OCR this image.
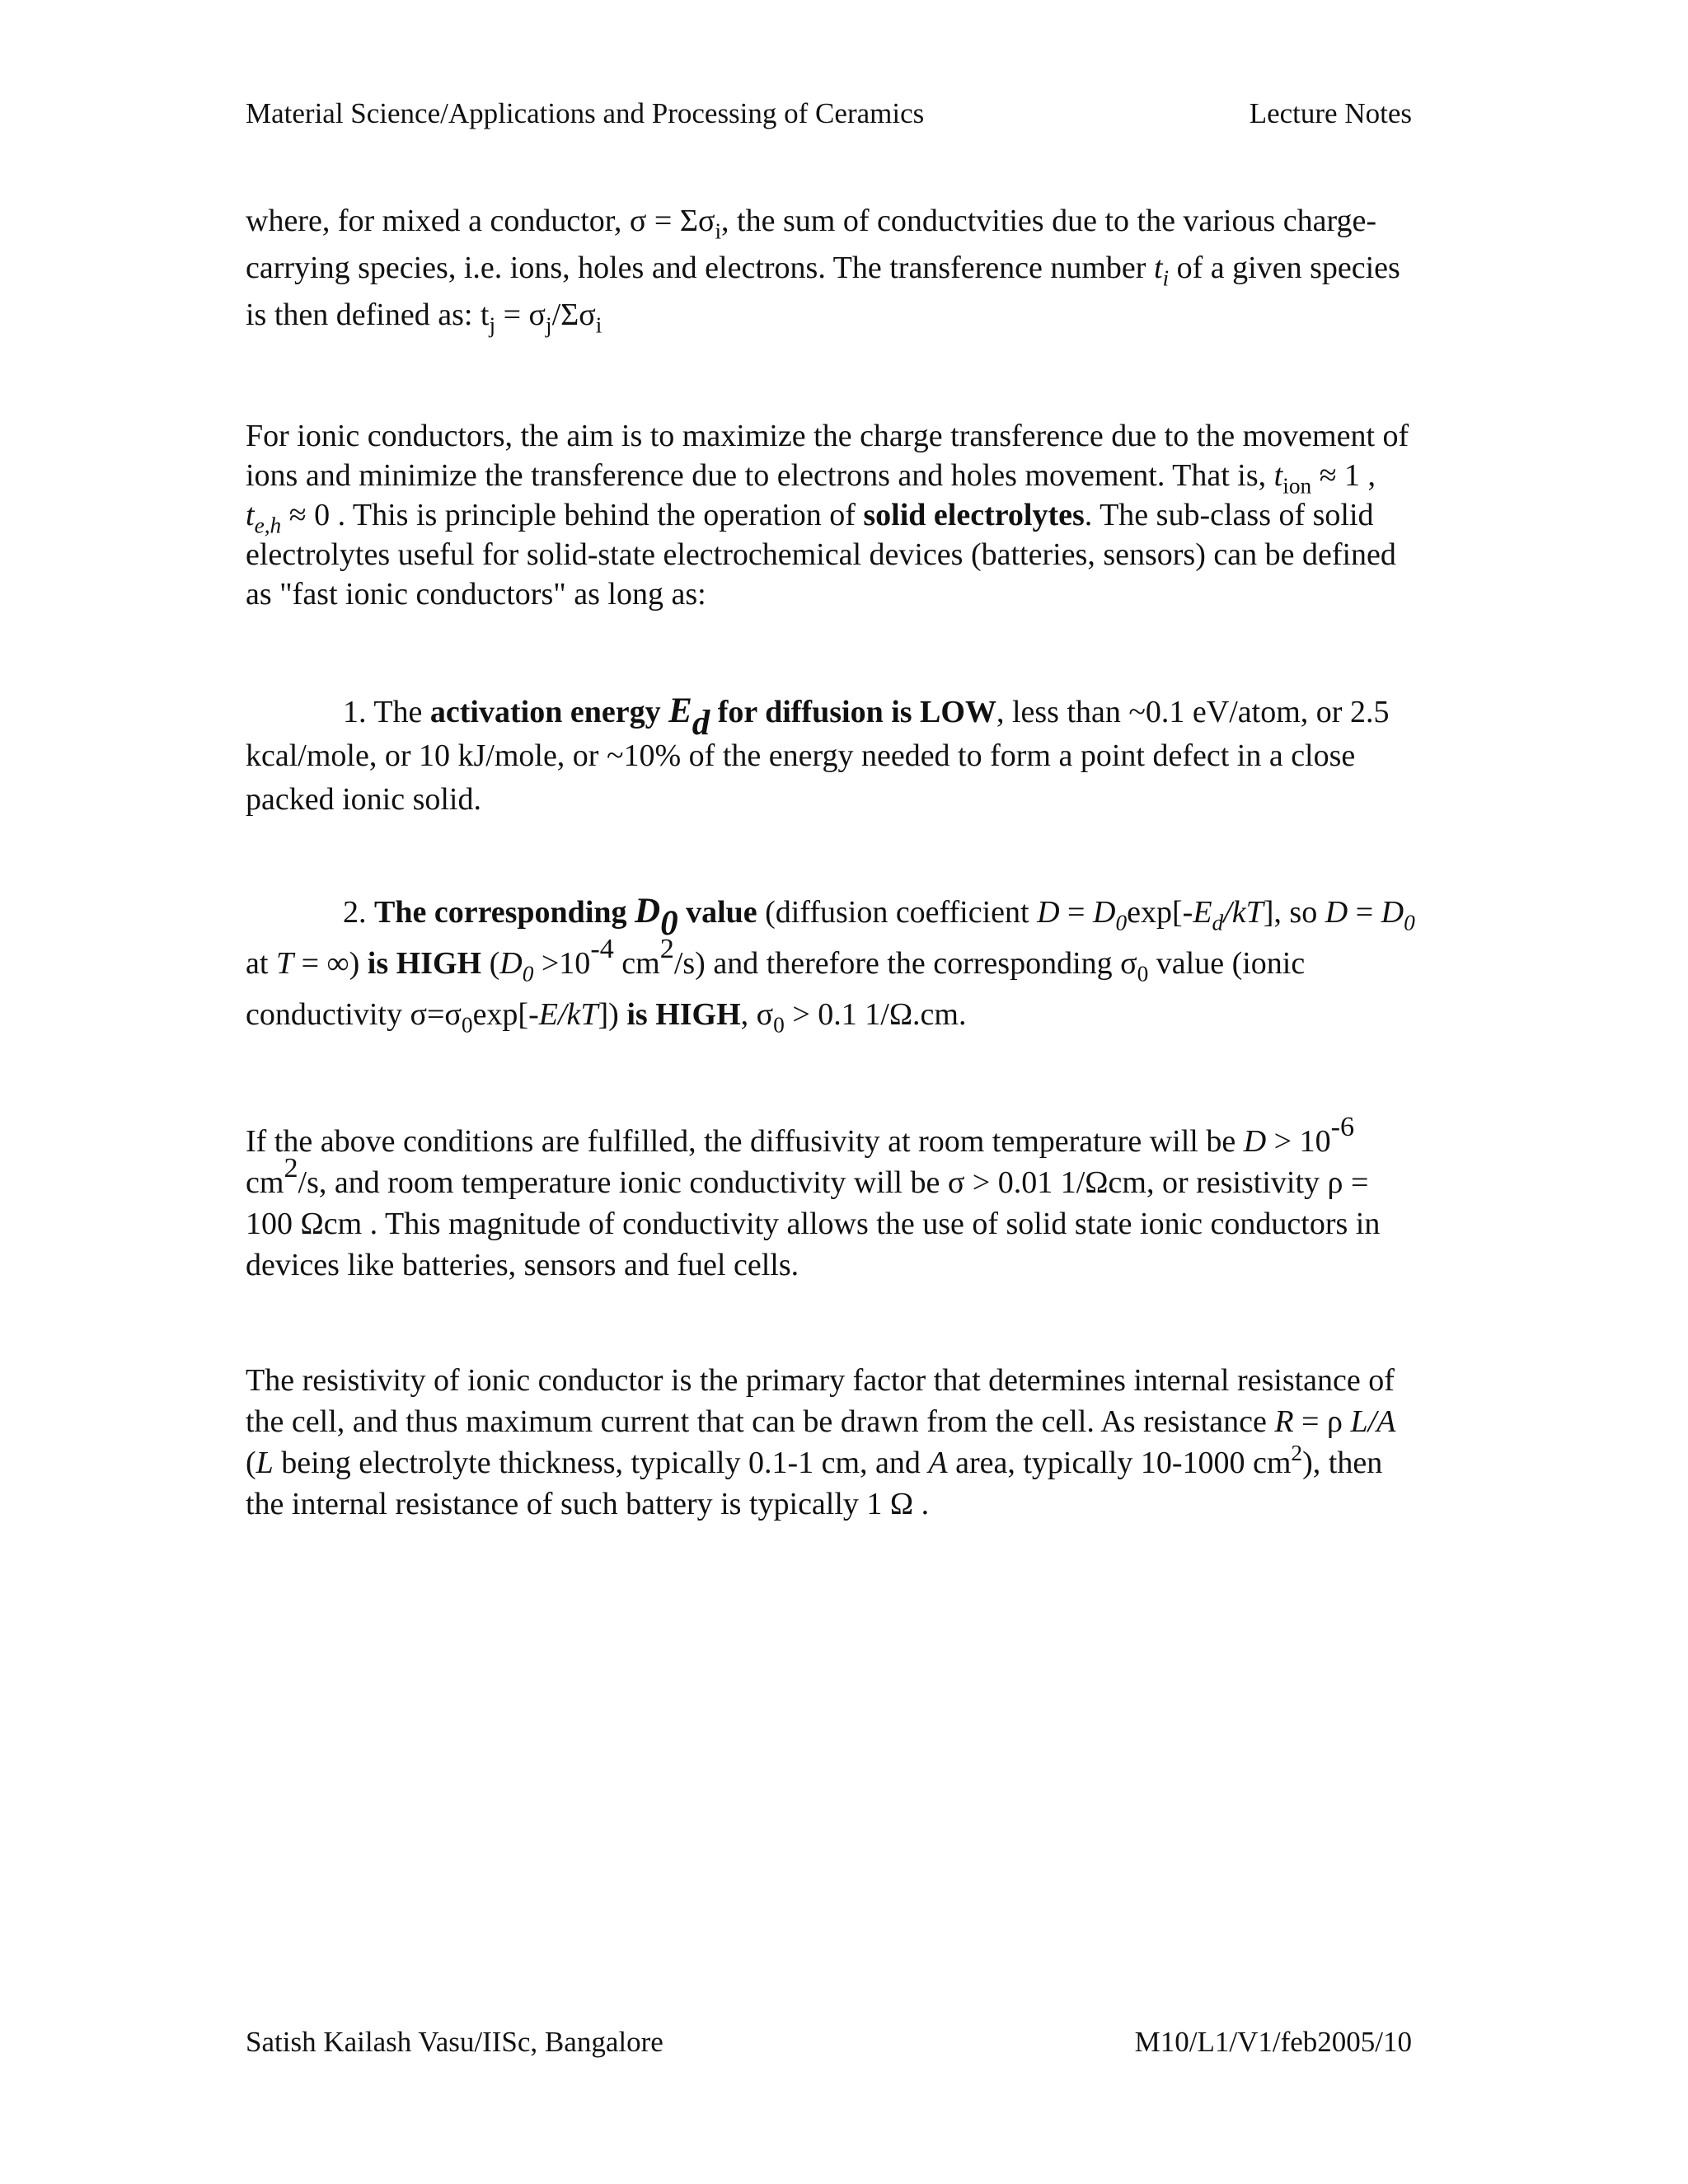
Material Science/Applications and Processing of Ceramics	Lecture Notes
where, for mixed a conductor, $\sigma = \Sigma\sigma_i$, the sum of conductvities due to the various charge-carrying species, i.e. ions, holes and electrons. The transference number $t_i$ of a given species is then defined as: $t_j = \sigma_j/\Sigma\sigma_i$
For ionic conductors, the aim is to maximize the charge transference due to the movement of ions and minimize the transference due to electrons and holes movement. That is, $t_{ion} \approx 1$ , $t_{e,h} \approx 0$ . This is principle behind the operation of solid electrolytes. The sub-class of solid electrolytes useful for solid-state electrochemical devices (batteries, sensors) can be defined as "fast ionic conductors" as long as:
1. The activation energy $E_d$ for diffusion is LOW, less than ~0.1 eV/atom, or 2.5 kcal/mole, or 10 kJ/mole, or ~10% of the energy needed to form a point defect in a close packed ionic solid.
2. The corresponding $D_0$ value (diffusion coefficient $D = D_0\exp[-E_d/kT]$, so $D = D_0$ at T = ∞) is HIGH ($D_0 >10^{-4}$ $cm^2/s$) and therefore the corresponding $\sigma_0$ value (ionic conductivity $\sigma=\sigma_0\exp[-E/kT]$) is HIGH, $\sigma_0 > 0.1$ 1/Ω.cm.
If the above conditions are fulfilled, the diffusivity at room temperature will be $D > 10^{-6}$ $cm^2/s$, and room temperature ionic conductivity will be σ > 0.01 1/Ωcm, or resistivity ρ = 100 Ωcm . This magnitude of conductivity allows the use of solid state ionic conductors in devices like batteries, sensors and fuel cells.
The resistivity of ionic conductor is the primary factor that determines internal resistance of the cell, and thus maximum current that can be drawn from the cell. As resistance R = ρ L/A (L being electrolyte thickness, typically 0.1-1 cm, and A area, typically 10-1000 $cm^2$), then the internal resistance of such battery is typically 1 Ω .
Satish Kailash Vasu/IISc, Bangalore	M10/L1/V1/feb2005/10
